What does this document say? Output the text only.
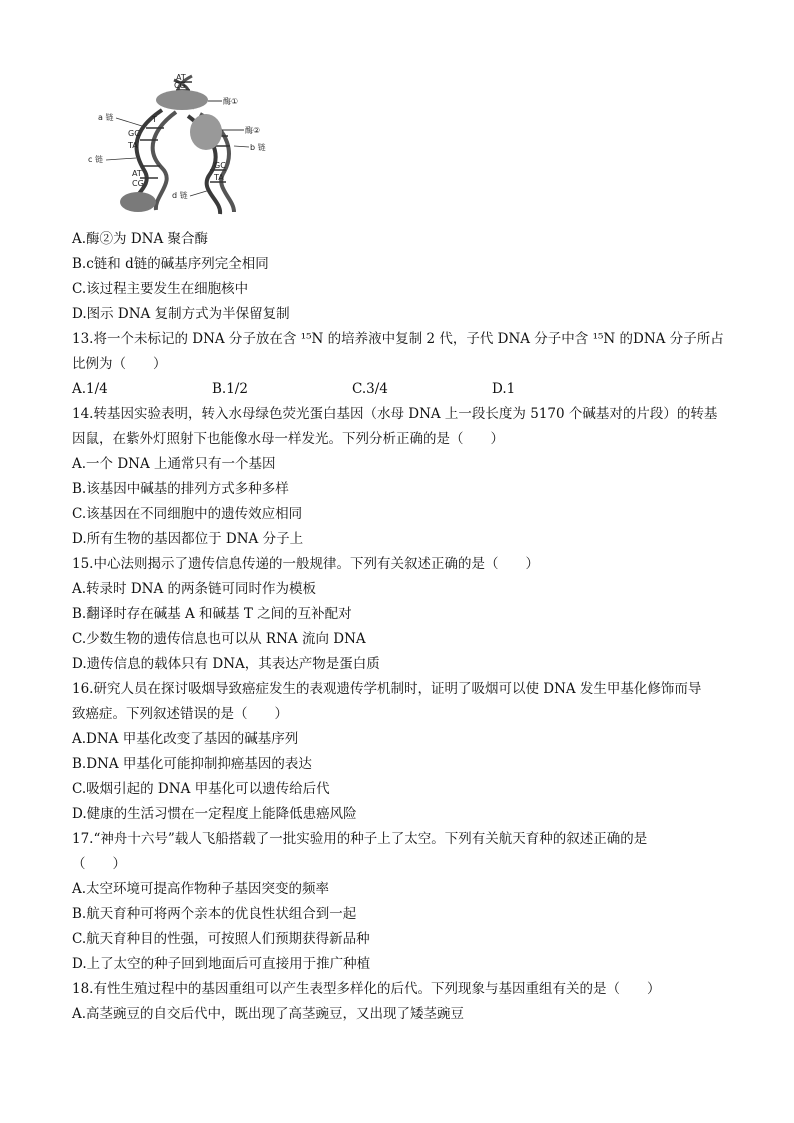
AT
CG
酶①
GC
TA
AT
CG
T
a 链
c 链
GC
TA
酶②
b 链
d 链
A.酶②为 DNA 聚合酶
B.c链和 d链的碱基序列完全相同
C.该过程主要发生在细胞核中
D.图示 DNA 复制方式为半保留复制
13.将一个未标记的 DNA 分子放在含 ¹⁵N 的培养液中复制 2 代，子代 DNA 分子中含 ¹⁵N 的DNA 分子所占
比例为（　　）
A.1/4	B.1/2	C.3/4	D.1
14.转基因实验表明，转入水母绿色荧光蛋白基因（水母 DNA 上一段长度为 5170 个碱基对的片段）的转基
因鼠，在紫外灯照射下也能像水母一样发光。下列分析正确的是（　　）
A.一个 DNA 上通常只有一个基因
B.该基因中碱基的排列方式多种多样
C.该基因在不同细胞中的遗传效应相同
D.所有生物的基因都位于 DNA 分子上
15.中心法则揭示了遗传信息传递的一般规律。下列有关叙述正确的是（　　）
A.转录时 DNA 的两条链可同时作为模板
B.翻译时存在碱基 A 和碱基 T 之间的互补配对
C.少数生物的遗传信息也可以从 RNA 流向 DNA
D.遗传信息的载体只有 DNA，其表达产物是蛋白质
16.研究人员在探讨吸烟导致癌症发生的表观遗传学机制时，证明了吸烟可以使 DNA 发生甲基化修饰而导
致癌症。下列叙述错误的是（　　）
A.DNA 甲基化改变了基因的碱基序列
B.DNA 甲基化可能抑制抑癌基因的表达
C.吸烟引起的 DNA 甲基化可以遗传给后代
D.健康的生活习惯在一定程度上能降低患癌风险
17.“神舟十六号”载人飞船搭载了一批实验用的种子上了太空。下列有关航天育种的叙述正确的是
（　　）
A.太空环境可提高作物种子基因突变的频率
B.航天育种可将两个亲本的优良性状组合到一起
C.航天育种目的性强，可按照人们预期获得新品种
D.上了太空的种子回到地面后可直接用于推广种植
18.有性生殖过程中的基因重组可以产生表型多样化的后代。下列现象与基因重组有关的是（　　）
A.高茎豌豆的自交后代中，既出现了高茎豌豆，又出现了矮茎豌豆
